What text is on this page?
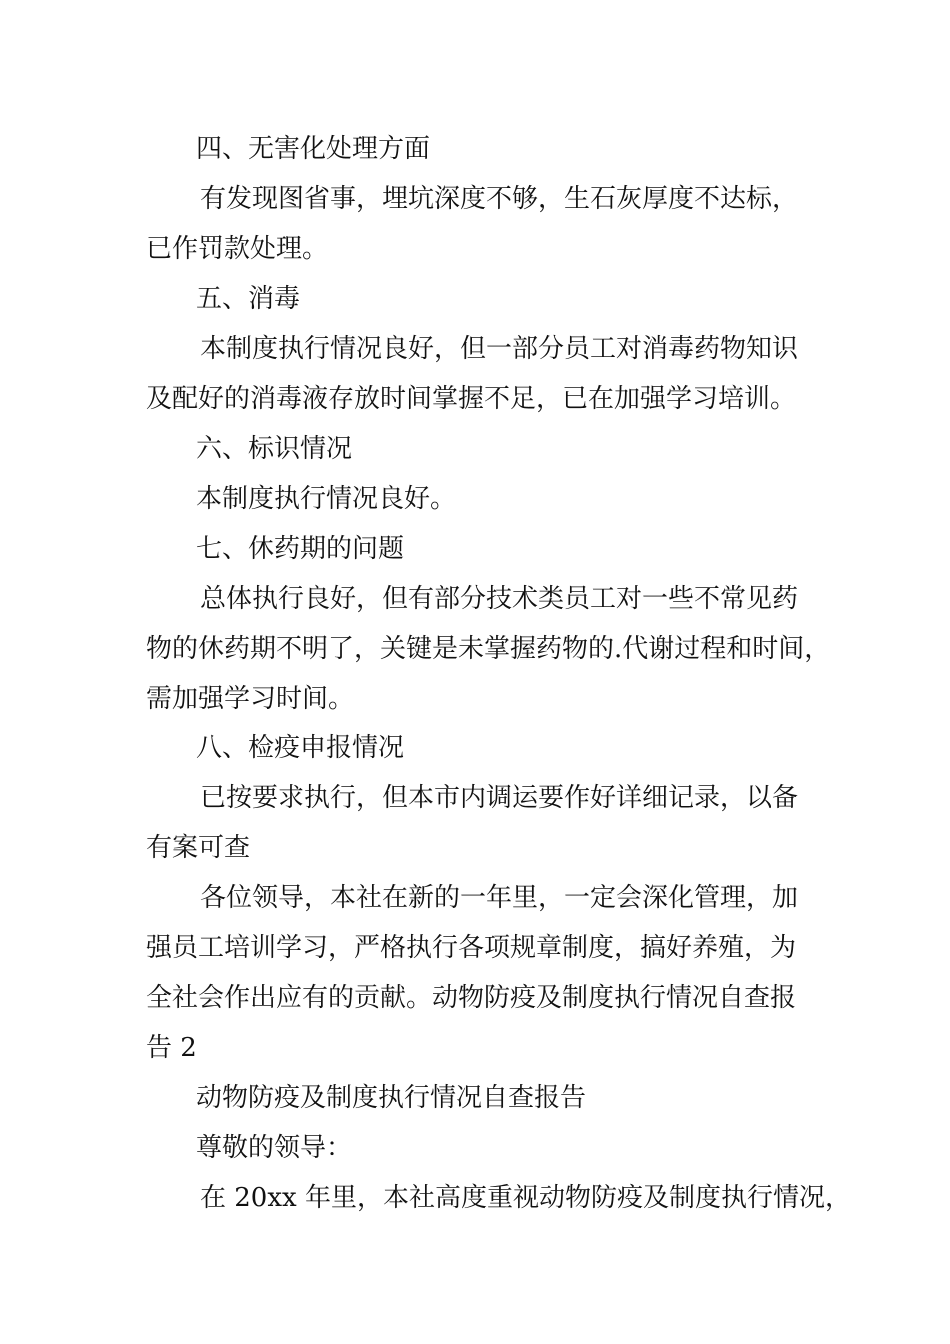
四、无害化处理方面
有发现图省事，埋坑深度不够，生石灰厚度不达标，
已作罚款处理。
五、消毒
本制度执行情况良好，但一部分员工对消毒药物知识
及配好的消毒液存放时间掌握不足，已在加强学习培训。
六、标识情况
本制度执行情况良好。
七、休药期的问题
总体执行良好，但有部分技术类员工对一些不常见药
物的休药期不明了，关键是未掌握药物的.代谢过程和时间，
需加强学习时间。
八、检疫申报情况
已按要求执行，但本市内调运要作好详细记录，以备
有案可查
各位领导，本社在新的一年里，一定会深化管理，加
强员工培训学习，严格执行各项规章制度，搞好养殖，为
全社会作出应有的贡献。动物防疫及制度执行情况自查报
告 2
动物防疫及制度执行情况自查报告
尊敬的领导：
在 20xx 年里，本社高度重视动物防疫及制度执行情况，
